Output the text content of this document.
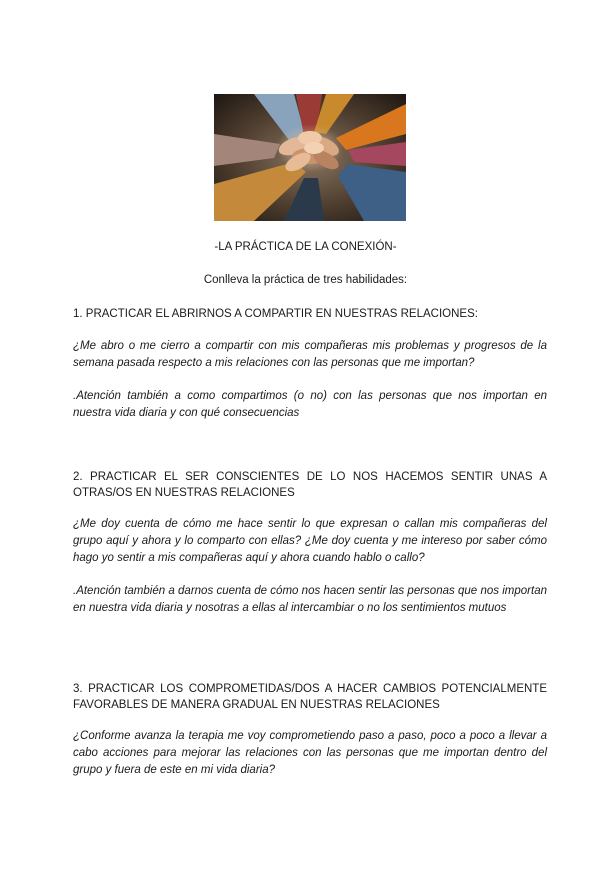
-LA PRÁCTICA DE LA CONEXIÓN-
Conlleva la práctica de tres habilidades:
1. PRACTICAR EL ABRIRNOS A COMPARTIR EN NUESTRAS RELACIONES:
¿Me abro o me cierro a compartir con mis compañeras mis problemas y progresos de la semana pasada respecto a mis relaciones con las personas que me importan?
.Atención también a como compartimos (o no) con las personas que nos importan en nuestra vida diaria y con qué consecuencias
2. PRACTICAR EL SER CONSCIENTES DE LO NOS HACEMOS SENTIR UNAS A OTRAS/OS EN NUESTRAS RELACIONES
¿Me doy cuenta de cómo me hace sentir lo que expresan o callan mis compañeras del grupo aquí y ahora y lo comparto con ellas? ¿Me doy cuenta y me intereso por saber cómo hago yo sentir a mis compañeras aquí y ahora cuando hablo o callo?
.Atención también a darnos cuenta de cómo nos hacen sentir las personas que nos importan en nuestra vida diaria y nosotras a ellas al intercambiar o no los sentimientos mutuos
3. PRACTICAR LOS COMPROMETIDAS/DOS A HACER CAMBIOS POTENCIALMENTE FAVORABLES DE MANERA GRADUAL EN NUESTRAS RELACIONES
¿Conforme avanza la terapia me voy comprometiendo paso a paso, poco a poco a llevar a cabo acciones para mejorar las relaciones con las personas que me importan dentro del grupo y fuera de este en mi vida diaria?
